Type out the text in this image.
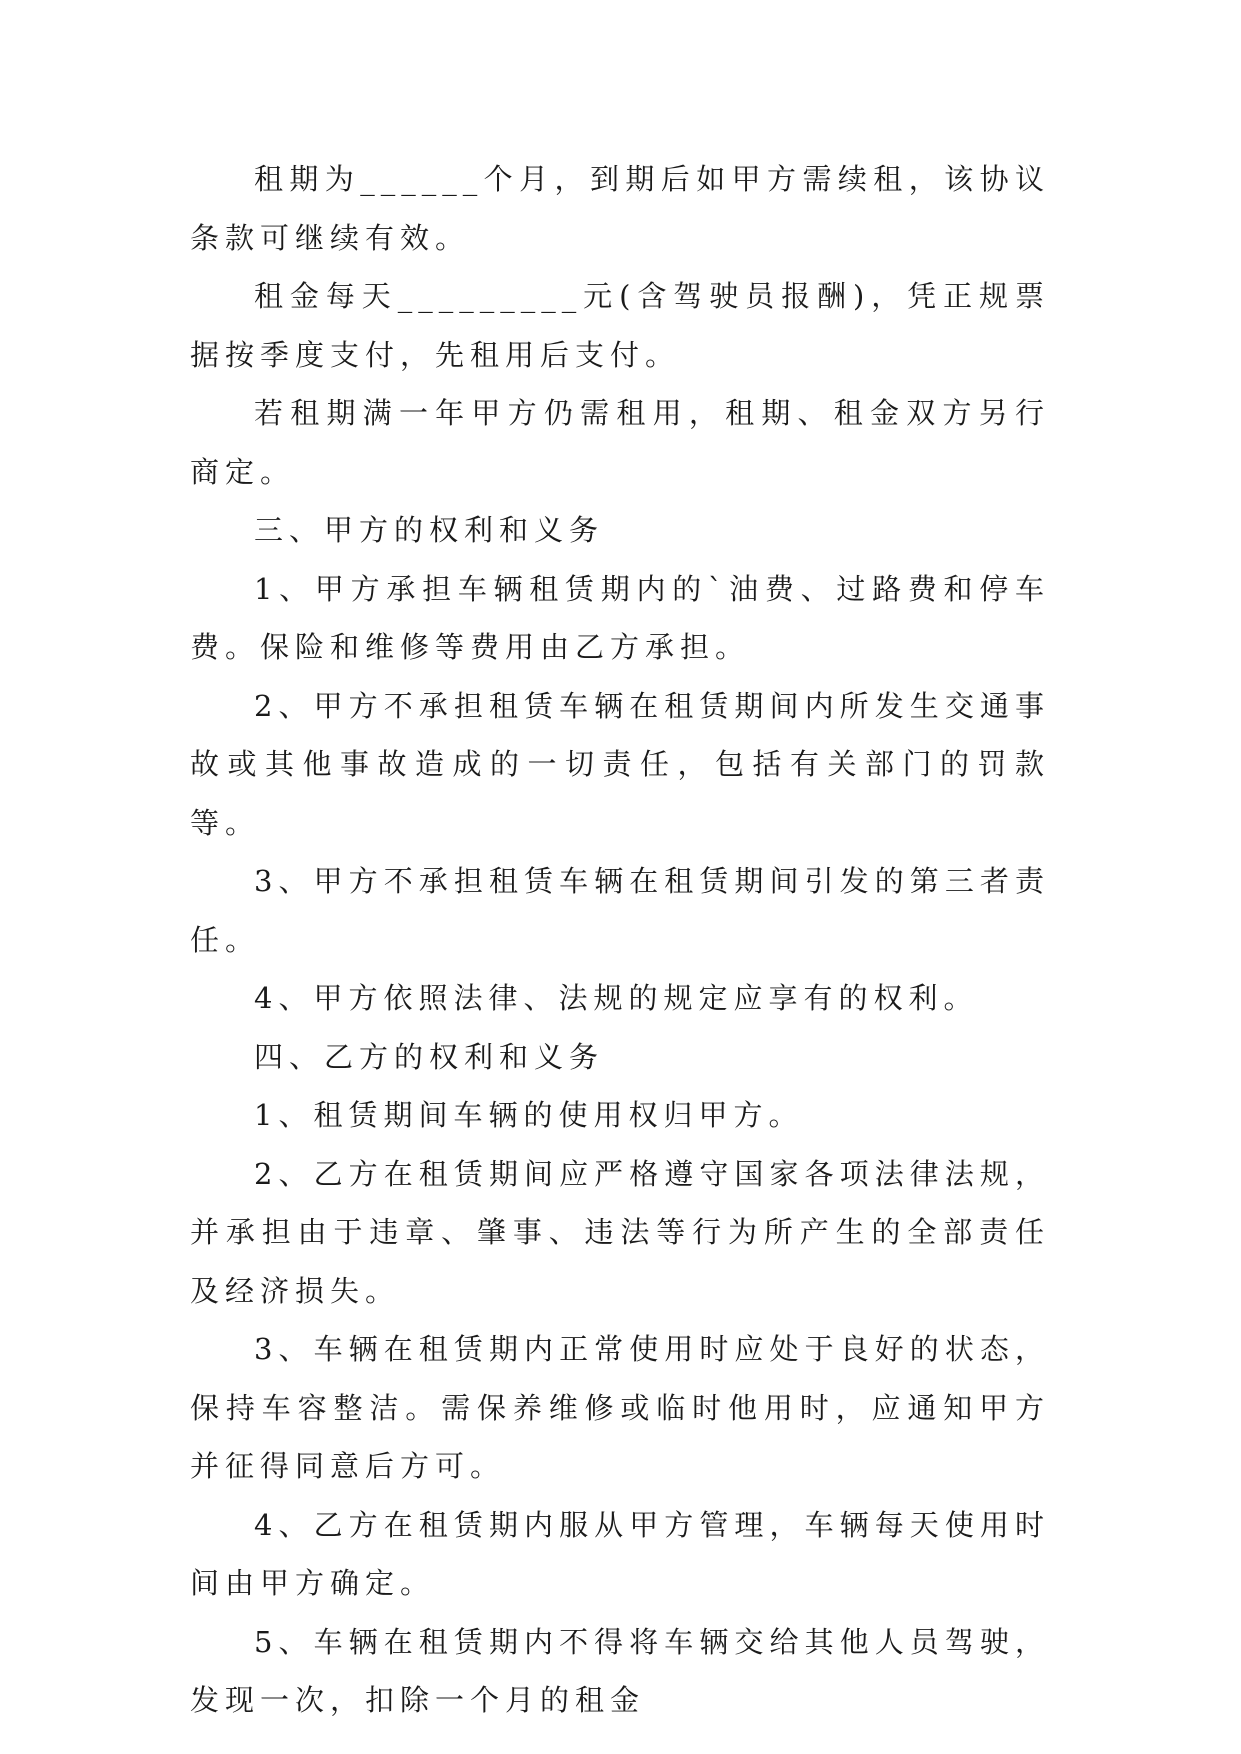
租期为______个月，到期后如甲方需续租，该协议条款可继续有效。

租金每天_________元(含驾驶员报酬)，凭正规票据按季度支付，先租用后支付。

若租期满一年甲方仍需租用，租期、租金双方另行商定。

三、甲方的权利和义务

1、甲方承担车辆租赁期内的`油费、过路费和停车费。保险和维修等费用由乙方承担。

2、甲方不承担租赁车辆在租赁期间内所发生交通事故或其他事故造成的一切责任，包括有关部门的罚款等。

3、甲方不承担租赁车辆在租赁期间引发的第三者责任。

4、甲方依照法律、法规的规定应享有的权利。

四、乙方的权利和义务

1、租赁期间车辆的使用权归甲方。

2、乙方在租赁期间应严格遵守国家各项法律法规，并承担由于违章、肇事、违法等行为所产生的全部责任及经济损失。

3、车辆在租赁期内正常使用时应处于良好的状态，保持车容整洁。需保养维修或临时他用时，应通知甲方并征得同意后方可。

4、乙方在租赁期内服从甲方管理，车辆每天使用时间由甲方确定。

5、车辆在租赁期内不得将车辆交给其他人员驾驶，发现一次，扣除一个月的租金
